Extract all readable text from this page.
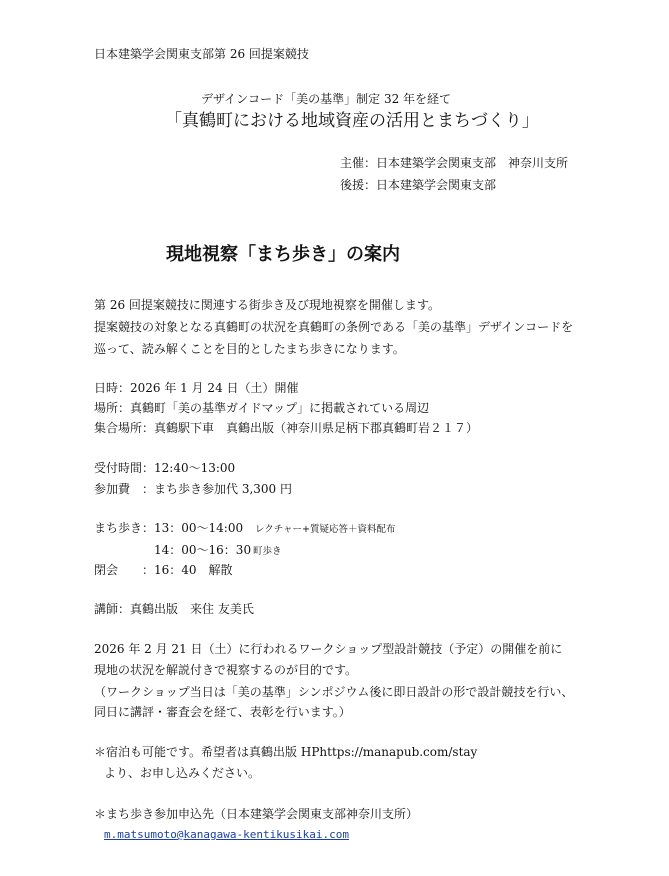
日本建築学会関東支部第 26 回提案競技
デザインコード「美の基準」制定 32 年を経て
「真鶴町における地域資産の活用とまちづくり」
主催：日本建築学会関東支部　神奈川支所
後援：日本建築学会関東支部
現地視察「まち歩き」の案内
第 26 回提案競技に関連する街歩き及び現地視察を開催します。
提案競技の対象となる真鶴町の状況を真鶴町の条例である「美の基準」デザインコードを
巡って、読み解くことを目的としたまち歩きになります。
日時：2026 年 1 月 24 日（土）開催
場所：真鶴町「美の基準ガイドマップ」に掲載されている周辺
集合場所：真鶴駅下車　真鶴出版（神奈川県足柄下郡真鶴町岩２１７）
受付時間：12:40～13:00
参加費　：まち歩き参加代 3,300 円
まち歩き：13：00～14:00 レクチャー+質疑応答＋資料配布
14：00～16：30 町歩き
閉会　　：16：40　解散
講師：真鶴出版　来住 友美氏
2026 年 2 月 21 日（土）に行われるワークショップ型設計競技（予定）の開催を前に
現地の状況を解説付きで視察するのが目的です。
（ワークショップ当日は「美の基準」シンポジウム後に即日設計の形で設計競技を行い、
同日に講評・審査会を経て、表彰を行います。）
＊宿泊も可能です。希望者は真鶴出版 HPhttps://manapub.com/stay
より、お申し込みください。
＊まち歩き参加申込先（日本建築学会関東支部神奈川支所）
m.matsumoto@kanagawa-kentikusikai.com
